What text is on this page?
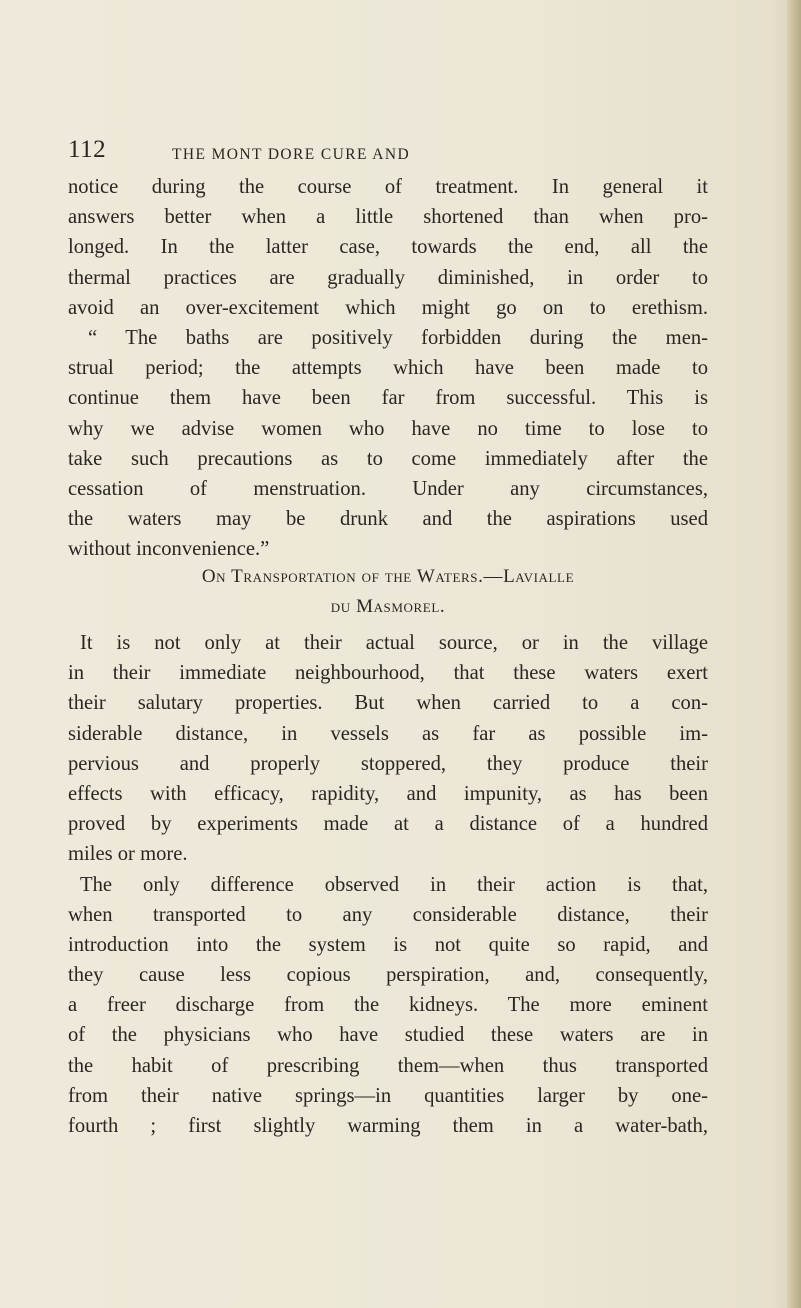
112	THE MONT DORE CURE AND
notice during the course of treatment. In general it
answers better when a little shortened than when pro-
longed. In the latter case, towards the end, all the
thermal practices are gradually diminished, in order to
avoid an over-excitement which might go on to erethism.
“ The baths are positively forbidden during the men-
strual period; the attempts which have been made to
continue them have been far from successful. This is
why we advise women who have no time to lose to
take such precautions as to come immediately after the
cessation of menstruation. Under any circumstances,
the waters may be drunk and the aspirations used
without inconvenience.”
On Transportation of the Waters.—Lavialle
du Masmorel.
It is not only at their actual source, or in the village
in their immediate neighbourhood, that these waters exert
their salutary properties. But when carried to a con-
siderable distance, in vessels as far as possible im-
pervious and properly stoppered, they produce their
effects with efficacy, rapidity, and impunity, as has been
proved by experiments made at a distance of a hundred
miles or more.
The only difference observed in their action is that,
when transported to any considerable distance, their
introduction into the system is not quite so rapid, and
they cause less copious perspiration, and, consequently,
a freer discharge from the kidneys. The more eminent
of the physicians who have studied these waters are in
the habit of prescribing them—when thus transported
from their native springs—in quantities larger by one-
fourth ; first slightly warming them in a water-bath,
